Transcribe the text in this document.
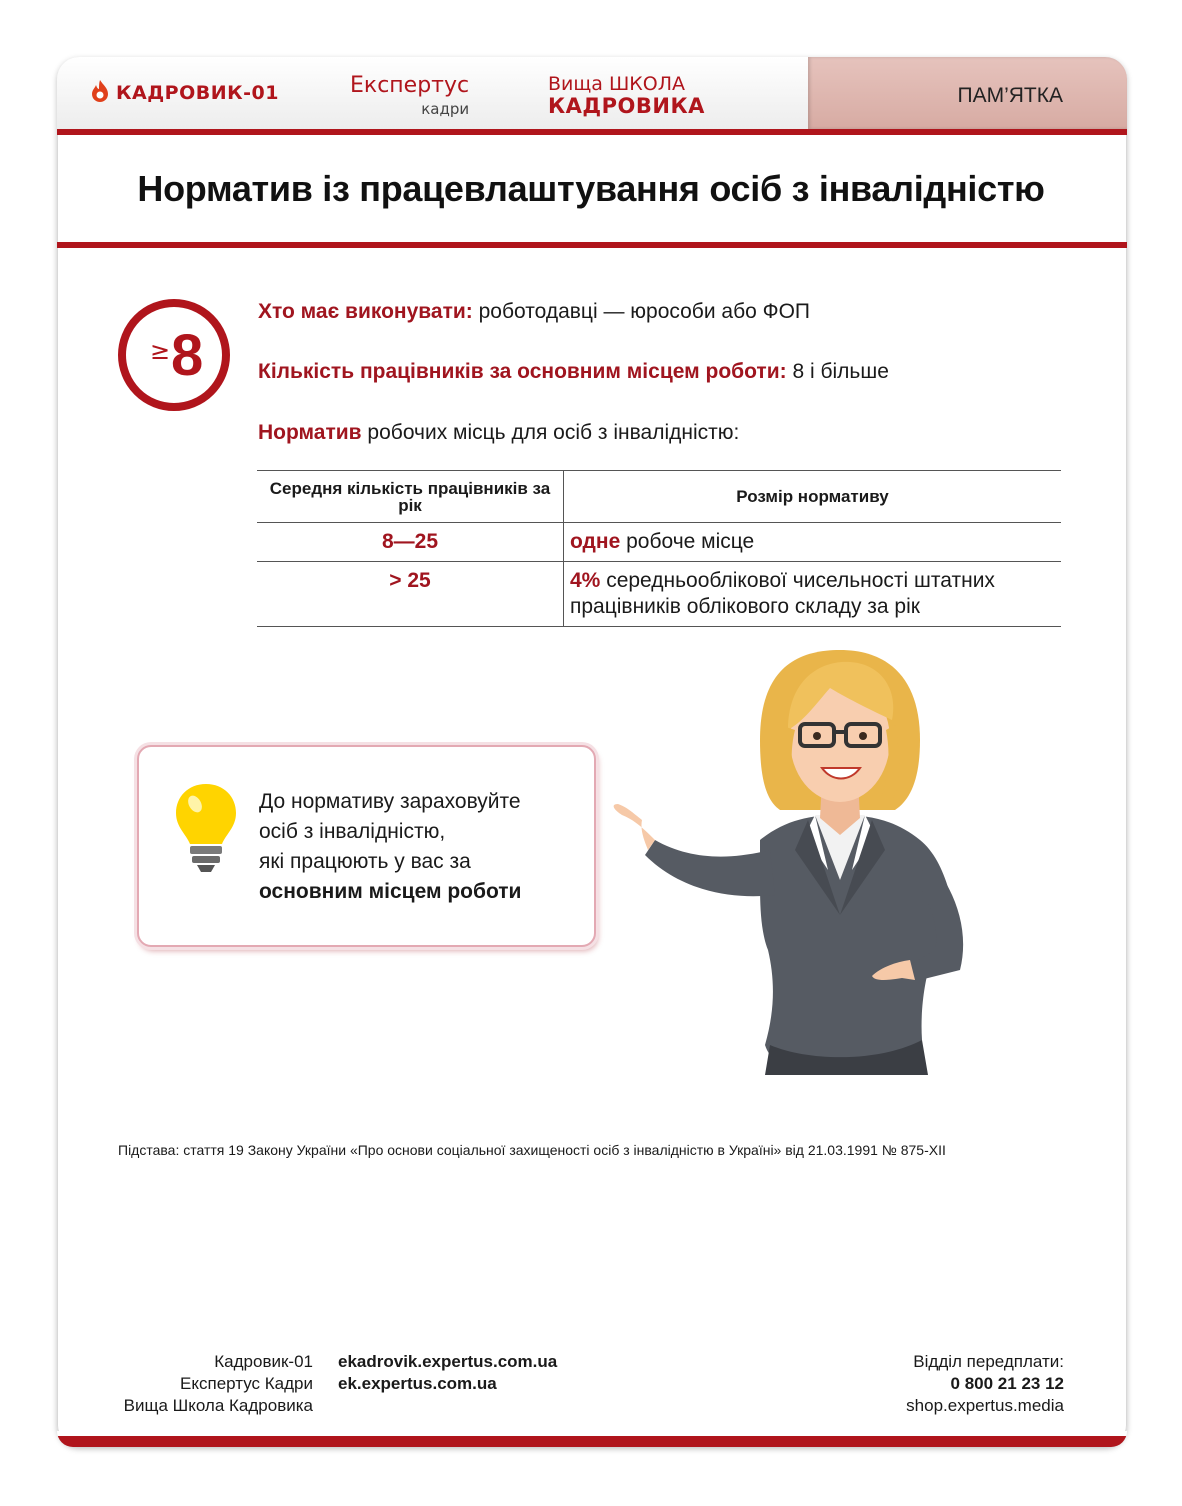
КАДРОВИК-01	Експертус
кадри
Вища ШКОЛА
КАДРОВИКА	ПАМ’ЯТКА
Норматив із працевлаштування осіб з інвалідністю
≥ 8
Хто має виконувати: роботодавці — юрособи або ФОП
Кількість працівників за основним місцем роботи: 8 і більше
Норматив робочих місць для осіб з інвалідністю:
Середня кількість працівників за рік	Розмір нормативу
8—25	одне робоче місце
> 25	4% середньооблікової чисельності штатних працівників облікового складу за рік
До нормативу зараховуйте
осіб з інвалідністю,
які працюють у вас за
основним місцем роботи
Підстава: стаття 19 Закону України «Про основи соціальної захищеності осіб з інвалідністю в Україні» від 21.03.1991 № 875-XII
Кадровик-01
Експертус Кадри
Вища Школа Кадровика
ekadrovik.expertus.com.ua
ek.expertus.com.ua
Відділ передплати:
0 800 21 23 12
shop.expertus.media
